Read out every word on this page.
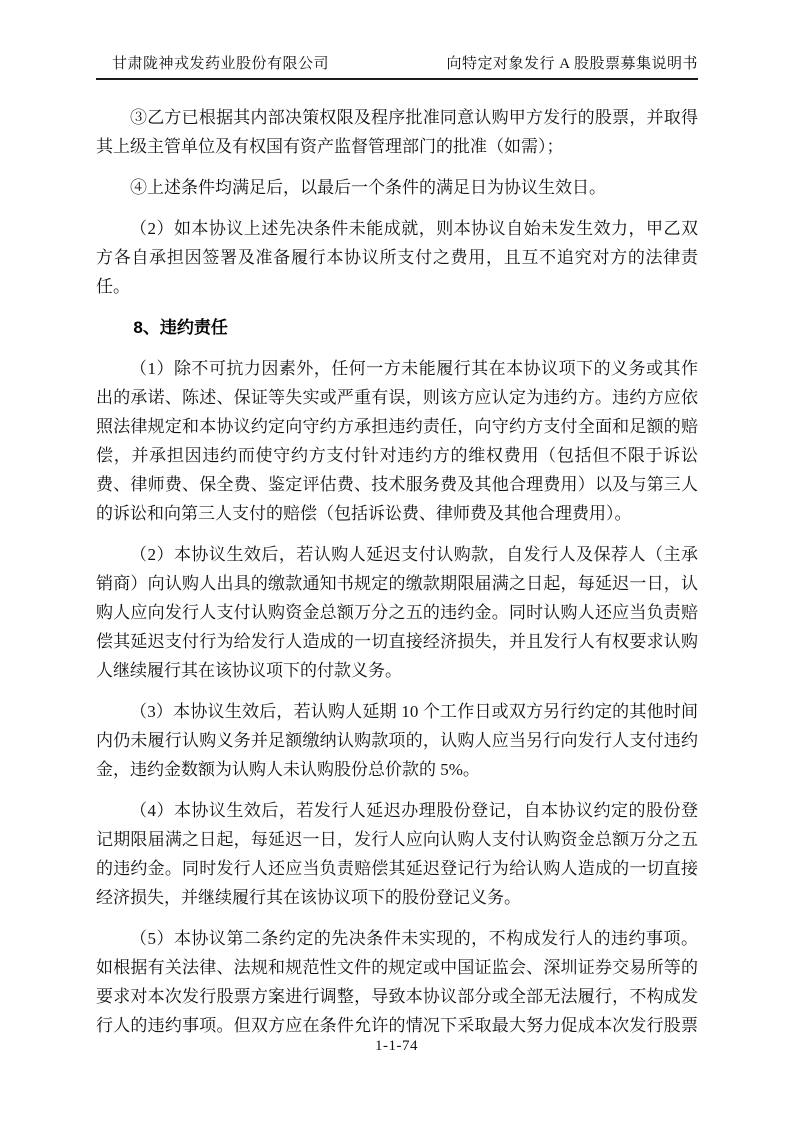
甘肃陇神戎发药业股份有限公司	向特定对象发行 A 股股票募集说明书

③乙方已根据其内部决策权限及程序批准同意认购甲方发行的股票，并取得其上级主管单位及有权国有资产监督管理部门的批准（如需）；

④上述条件均满足后，以最后一个条件的满足日为协议生效日。

（2）如本协议上述先决条件未能成就，则本协议自始未发生效力，甲乙双方各自承担因签署及准备履行本协议所支付之费用，且互不追究对方的法律责任。

8、违约责任

（1）除不可抗力因素外，任何一方未能履行其在本协议项下的义务或其作出的承诺、陈述、保证等失实或严重有误，则该方应认定为违约方。违约方应依照法律规定和本协议约定向守约方承担违约责任，向守约方支付全面和足额的赔偿，并承担因违约而使守约方支付针对违约方的维权费用（包括但不限于诉讼费、律师费、保全费、鉴定评估费、技术服务费及其他合理费用）以及与第三人的诉讼和向第三人支付的赔偿（包括诉讼费、律师费及其他合理费用）。

（2）本协议生效后，若认购人延迟支付认购款，自发行人及保荐人（主承销商）向认购人出具的缴款通知书规定的缴款期限届满之日起，每延迟一日，认购人应向发行人支付认购资金总额万分之五的违约金。同时认购人还应当负责赔偿其延迟支付行为给发行人造成的一切直接经济损失，并且发行人有权要求认购人继续履行其在该协议项下的付款义务。

（3）本协议生效后，若认购人延期 10 个工作日或双方另行约定的其他时间内仍未履行认购义务并足额缴纳认购款项的，认购人应当另行向发行人支付违约金，违约金数额为认购人未认购股份总价款的 5%。

（4）本协议生效后，若发行人延迟办理股份登记，自本协议约定的股份登记期限届满之日起，每延迟一日，发行人应向认购人支付认购资金总额万分之五的违约金。同时发行人还应当负责赔偿其延迟登记行为给认购人造成的一切直接经济损失，并继续履行其在该协议项下的股份登记义务。

（5）本协议第二条约定的先决条件未实现的，不构成发行人的违约事项。如根据有关法律、法规和规范性文件的规定或中国证监会、深圳证券交易所等的要求对本次发行股票方案进行调整，导致本协议部分或全部无法履行，不构成发行人的违约事项。但双方应在条件允许的情况下采取最大努力促成本次发行股票

1-1-74
